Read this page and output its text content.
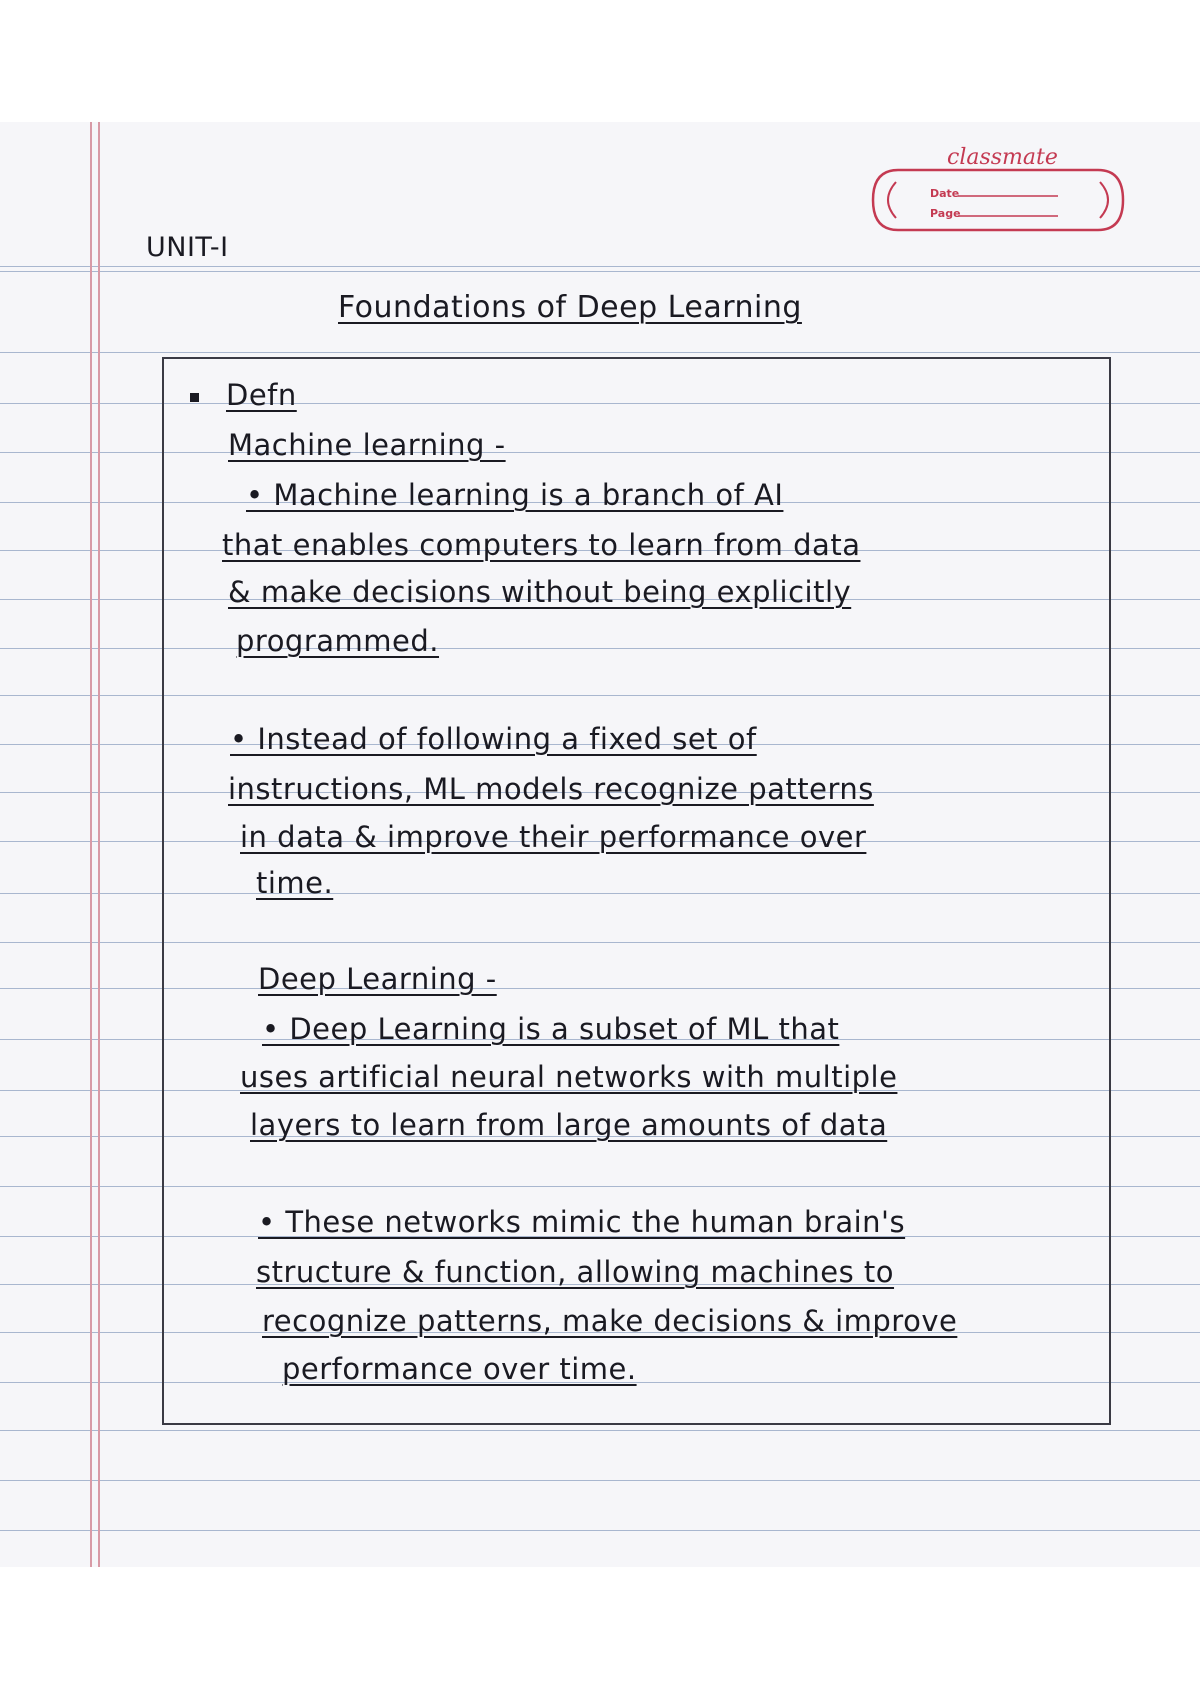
classmate
Date
Page
UNIT-I
Foundations of Deep Learning
Defn
Machine learning -
• Machine learning is a branch of AI
that enables computers to learn from data
& make decisions without being explicitly
programmed.
• Instead of following a fixed set of
instructions, ML models recognize patterns
in data & improve their performance over
time.
Deep Learning -
• Deep Learning is a subset of ML that
uses artificial neural networks with multiple
layers to learn from large amounts of data
• These networks mimic the human brain's
structure & function, allowing machines to
recognize patterns, make decisions & improve
performance over time.
